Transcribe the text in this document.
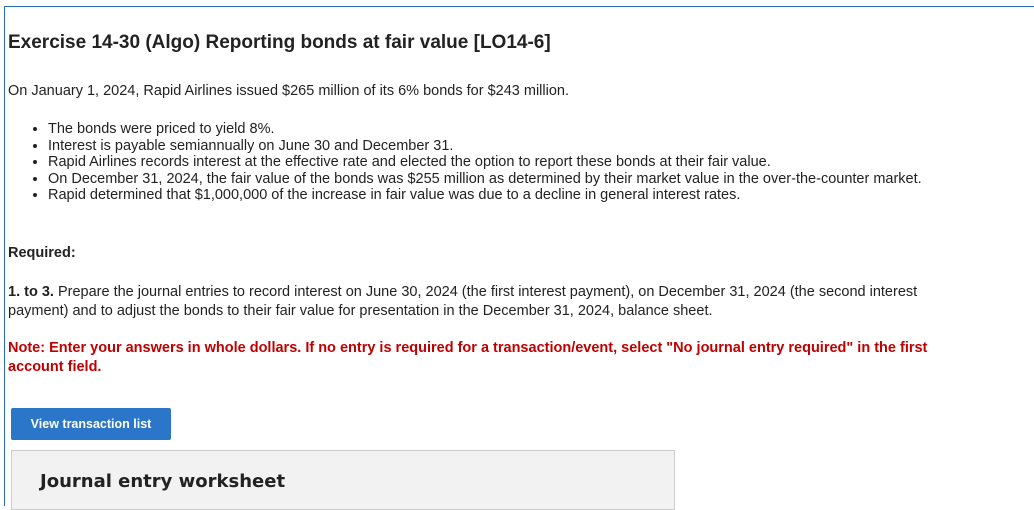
Exercise 14-30 (Algo) Reporting bonds at fair value [LO14-6]

On January 1, 2024, Rapid Airlines issued $265 million of its 6% bonds for $243 million.

• The bonds were priced to yield 8%.
• Interest is payable semiannually on June 30 and December 31.
• Rapid Airlines records interest at the effective rate and elected the option to report these bonds at their fair value.
• On December 31, 2024, the fair value of the bonds was $255 million as determined by their market value in the over-the-counter market.
• Rapid determined that $1,000,000 of the increase in fair value was due to a decline in general interest rates.

Required:

1. to 3. Prepare the journal entries to record interest on June 30, 2024 (the first interest payment), on December 31, 2024 (the second interest payment) and to adjust the bonds to their fair value for presentation in the December 31, 2024, balance sheet.

Note: Enter your answers in whole dollars. If no entry is required for a transaction/event, select "No journal entry required" in the first account field.

View transaction list
Journal entry worksheet
